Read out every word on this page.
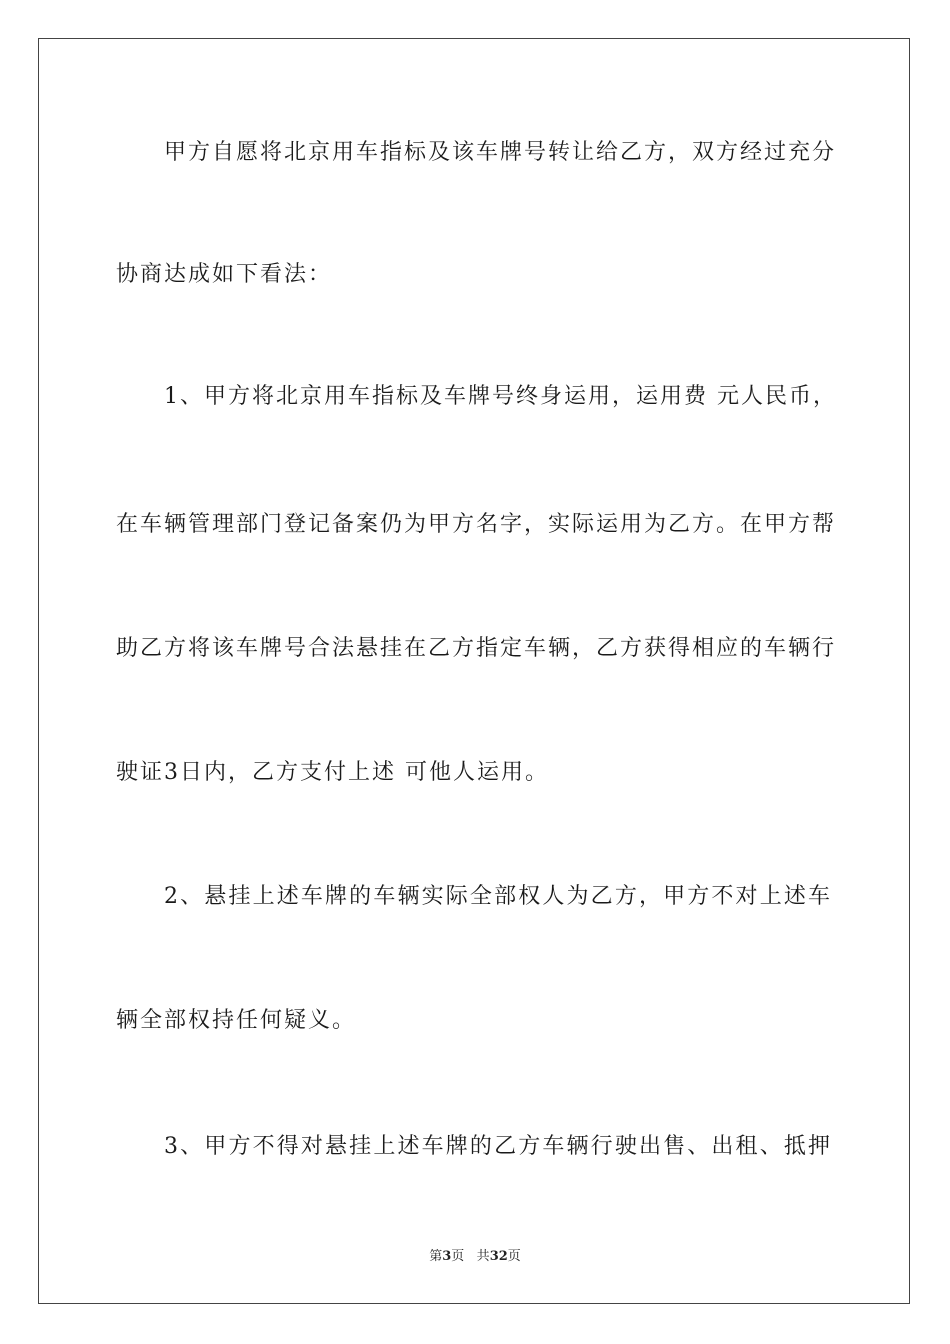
甲方自愿将北京用车指标及该车牌号转让给乙方，双方经过充分
协商达成如下看法：
1、甲方将北京用车指标及车牌号终身运用，运用费 元人民币，
在车辆管理部门登记备案仍为甲方名字，实际运用为乙方。在甲方帮
助乙方将该车牌号合法悬挂在乙方指定车辆，乙方获得相应的车辆行
驶证3日内，乙方支付上述 可他人运用。
2、悬挂上述车牌的车辆实际全部权人为乙方，甲方不对上述车
辆全部权持任何疑义。
3、甲方不得对悬挂上述车牌的乙方车辆行驶出售、出租、抵押
第3页 共32页
